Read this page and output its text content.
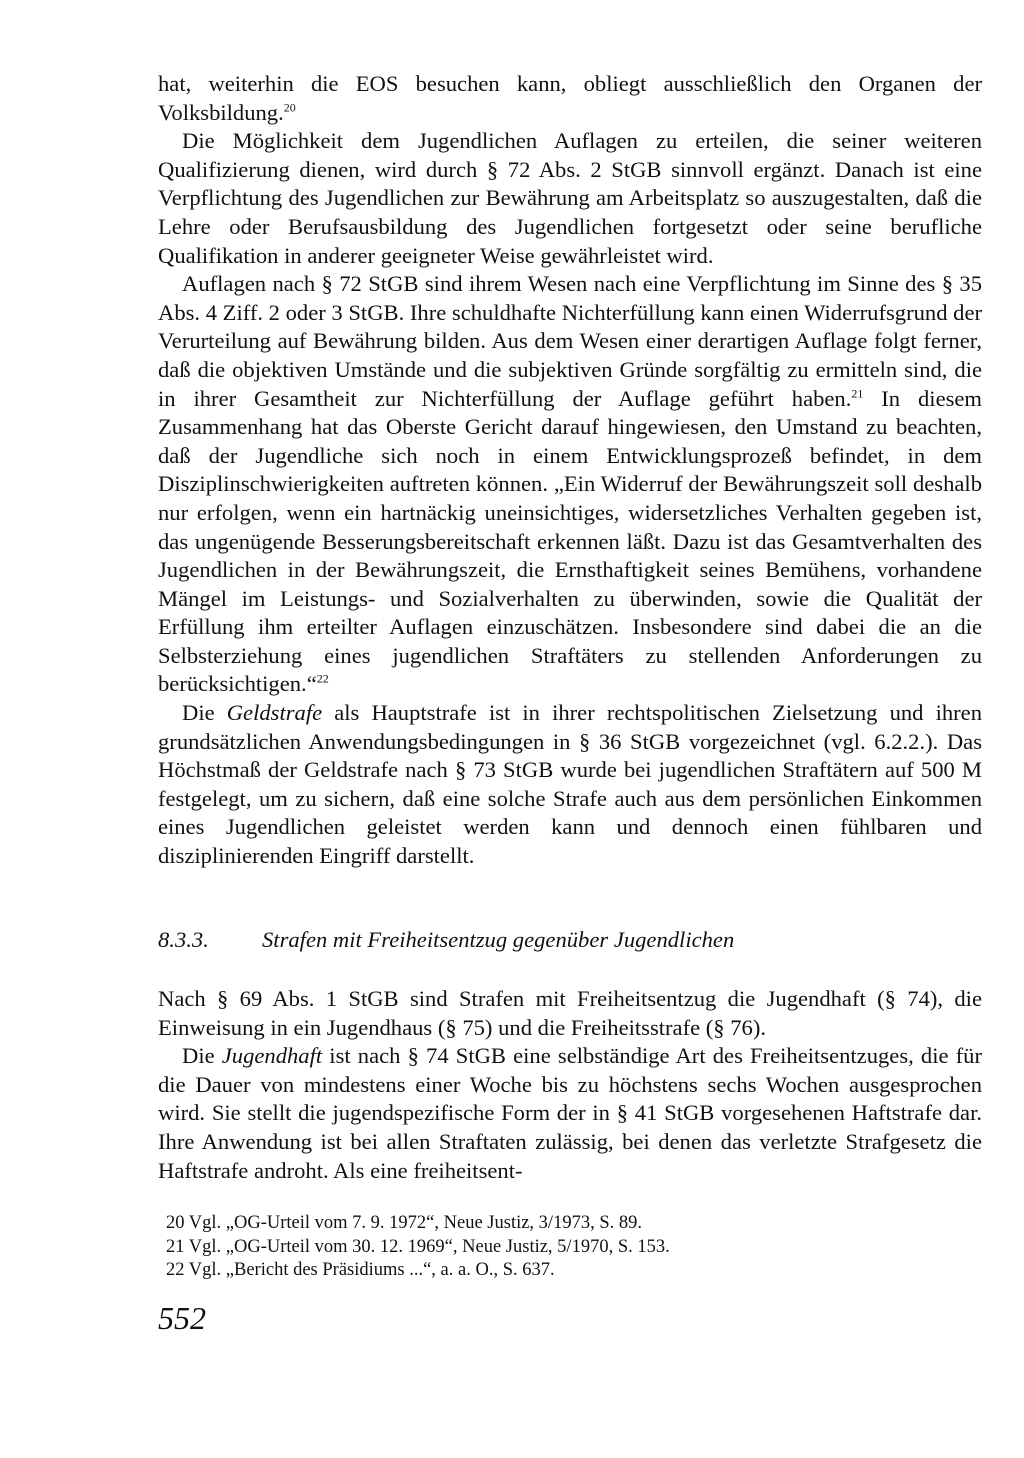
hat, weiterhin die EOS besuchen kann, obliegt ausschließlich den Organen der Volksbildung.$^{20}$

Die Möglichkeit dem Jugendlichen Auflagen zu erteilen, die seiner weiteren Qualifizierung dienen, wird durch § 72 Abs. 2 StGB sinnvoll ergänzt. Danach ist eine Verpflichtung des Jugendlichen zur Bewährung am Arbeitsplatz so auszugestalten, daß die Lehre oder Berufsausbildung des Jugendlichen fortgesetzt oder seine berufliche Qualifikation in anderer geeigneter Weise gewährleistet wird.

Auflagen nach § 72 StGB sind ihrem Wesen nach eine Verpflichtung im Sinne des § 35 Abs. 4 Ziff. 2 oder 3 StGB. Ihre schuldhafte Nichterfüllung kann einen Widerrufsgrund der Verurteilung auf Bewährung bilden. Aus dem Wesen einer derartigen Auflage folgt ferner, daß die objektiven Umstände und die subjektiven Gründe sorgfältig zu ermitteln sind, die in ihrer Gesamtheit zur Nichterfüllung der Auflage geführt haben.$^{21}$ In diesem Zusammenhang hat das Oberste Gericht darauf hingewiesen, den Umstand zu beachten, daß der Jugendliche sich noch in einem Entwicklungsprozeß befindet, in dem Disziplinschwierigkeiten auftreten können. „Ein Widerruf der Bewährungszeit soll deshalb nur erfolgen, wenn ein hartnäckig uneinsichtiges, widersetzliches Verhalten gegeben ist, das ungenügende Besserungsbereitschaft erkennen läßt. Dazu ist das Gesamtverhalten des Jugendlichen in der Bewährungszeit, die Ernsthaftigkeit seines Bemühens, vorhandene Mängel im Leistungs- und Sozialverhalten zu überwinden, sowie die Qualität der Erfüllung ihm erteilter Auflagen einzuschätzen. Insbesondere sind dabei die an die Selbsterziehung eines jugendlichen Straftäters zu stellenden Anforderungen zu berücksichtigen.“$^{22}$

Die Geldstrafe als Hauptstrafe ist in ihrer rechtspolitischen Zielsetzung und ihren grundsätzlichen Anwendungsbedingungen in § 36 StGB vorgezeichnet (vgl. 6.2.2.). Das Höchstmaß der Geldstrafe nach § 73 StGB wurde bei jugendlichen Straftätern auf 500 M festgelegt, um zu sichern, daß eine solche Strafe auch aus dem persönlichen Einkommen eines Jugendlichen geleistet werden kann und dennoch einen fühlbaren und disziplinierenden Eingriff darstellt.

8.3.3. Strafen mit Freiheitsentzug gegenüber Jugendlichen

Nach § 69 Abs. 1 StGB sind Strafen mit Freiheitsentzug die Jugendhaft (§ 74), die Einweisung in ein Jugendhaus (§ 75) und die Freiheitsstrafe (§ 76).

Die Jugendhaft ist nach § 74 StGB eine selbständige Art des Freiheitsentzuges, die für die Dauer von mindestens einer Woche bis zu höchstens sechs Wochen ausgesprochen wird. Sie stellt die jugendspezifische Form der in § 41 StGB vorgesehenen Haftstrafe dar. Ihre Anwendung ist bei allen Straftaten zulässig, bei denen das verletzte Strafgesetz die Haftstrafe androht. Als eine freiheitsent-

20 Vgl. „OG-Urteil vom 7. 9. 1972“, Neue Justiz, 3/1973, S. 89.
21 Vgl. „OG-Urteil vom 30. 12. 1969“, Neue Justiz, 5/1970, S. 153.
22 Vgl. „Bericht des Präsidiums ...“, a. a. O., S. 637.
552
